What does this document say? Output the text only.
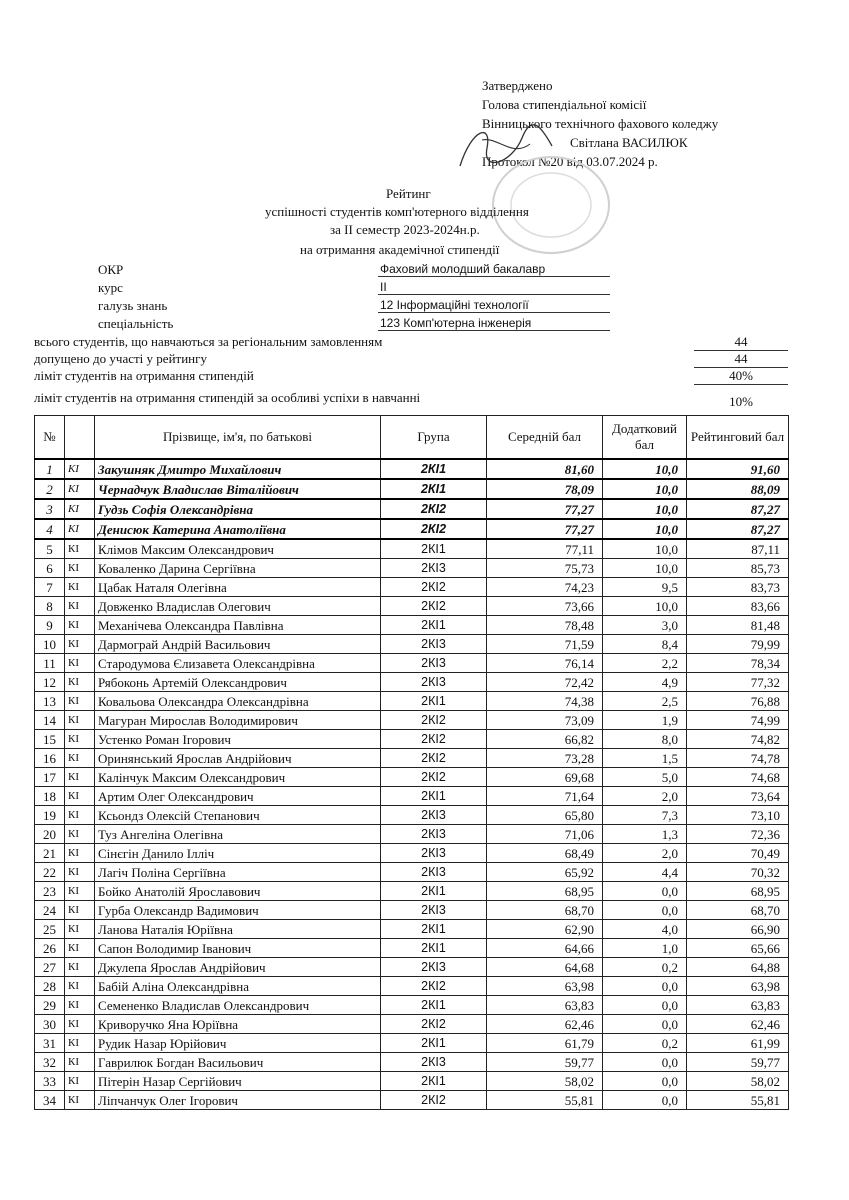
Затверджено
Голова стипендіальної комісії
Вінницького технічного фахового коледжу
Світлана ВАСИЛЮК
Протокол №20 від 03.07.2024 р.
Рейтинг
успішності студентів комп'ютерного відділення
за II семестр 2023-2024н.р.
на отримання академічної стипендії
ОКР	Фаховий молодший бакалавр
курс	ІІ
галузь знань	12 Інформаційні технології
спеціальність	123 Комп'ютерна інженерія
всього студентів, що навчаються за регіональним замовленням	44
допущено до участі у рейтингу	44
ліміт студентів на отримання стипендій	40%
ліміт студентів на отримання стипендій за особливі успіхи в навчанні	10%
№		Прізвище, ім'я, по батькові	Група	Середній бал	Додатковий бал	Рейтинговий бал
1	КІ	Закушняк Дмитро Михайлович	2КІ1	81,60	10,0	91,60
2	КІ	Чернадчук Владислав Віталійович	2КІ1	78,09	10,0	88,09
3	КІ	Гудзь Софія Олександрівна	2КІ2	77,27	10,0	87,27
4	КІ	Денисюк Катерина Анатоліївна	2КІ2	77,27	10,0	87,27
5	КІ	Клімов Максим Олександрович	2КІ1	77,11	10,0	87,11
6	КІ	Коваленко Дарина Сергіївна	2КІ3	75,73	10,0	85,73
7	КІ	Цабак Наталя Олегівна	2КІ2	74,23	9,5	83,73
8	КІ	Довженко Владислав Олегович	2КІ2	73,66	10,0	83,66
9	КІ	Механічева Олександра Павлівна	2КІ1	78,48	3,0	81,48
10	КІ	Дармограй Андрій Васильович	2КІ3	71,59	8,4	79,99
11	КІ	Стародумова Єлизавета Олександрівна	2КІ3	76,14	2,2	78,34
12	КІ	Рябоконь Артемій Олександрович	2КІ3	72,42	4,9	77,32
13	КІ	Ковальова Олександра Олександрівна	2КІ1	74,38	2,5	76,88
14	КІ	Магуран Мирослав Володимирович	2КІ2	73,09	1,9	74,99
15	КІ	Устенко Роман Ігорович	2КІ2	66,82	8,0	74,82
16	КІ	Оринянський Ярослав Андрійович	2КІ2	73,28	1,5	74,78
17	КІ	Калінчук Максим Олександрович	2КІ2	69,68	5,0	74,68
18	КІ	Артим Олег Олександрович	2КІ1	71,64	2,0	73,64
19	КІ	Ксьондз Олексій Степанович	2КІ3	65,80	7,3	73,10
20	КІ	Туз Ангеліна Олегівна	2КІ3	71,06	1,3	72,36
21	КІ	Сінєгін Данило Ілліч	2КІ3	68,49	2,0	70,49
22	КІ	Лагіч Поліна Сергіївна	2КІ3	65,92	4,4	70,32
23	КІ	Бойко Анатолій Ярославович	2КІ1	68,95	0,0	68,95
24	КІ	Гурба Олександр Вадимович	2КІ3	68,70	0,0	68,70
25	КІ	Ланова Наталія Юріївна	2КІ1	62,90	4,0	66,90
26	КІ	Сапон Володимир Іванович	2КІ1	64,66	1,0	65,66
27	КІ	Джулепа Ярослав Андрійович	2КІ3	64,68	0,2	64,88
28	КІ	Бабій Аліна Олександрівна	2КІ2	63,98	0,0	63,98
29	КІ	Семененко Владислав Олександрович	2КІ1	63,83	0,0	63,83
30	КІ	Криворучко Яна Юріївна	2КІ2	62,46	0,0	62,46
31	КІ	Рудик Назар Юрійович	2КІ1	61,79	0,2	61,99
32	КІ	Гаврилюк Богдан Васильович	2КІ3	59,77	0,0	59,77
33	КІ	Пітерін Назар Сергійович	2КІ1	58,02	0,0	58,02
34	КІ	Ліпчанчук Олег Ігорович	2КІ2	55,81	0,0	55,81
